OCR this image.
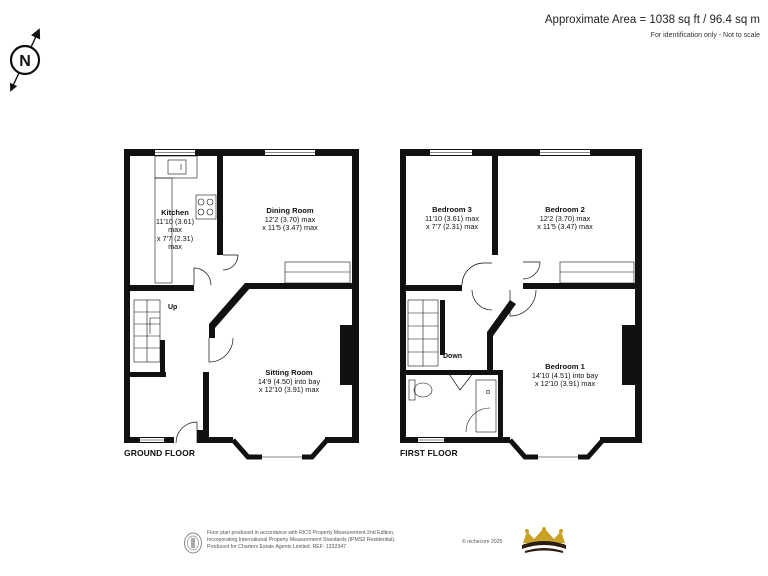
Approximate Area = 1038 sq ft / 96.4 sq m
For identification only - Not to scale
N
Kitchen
11'10 (3.61)
max
x 7'7 (2.31)
max
Dining Room
12'2 (3.70) max
x 11'5 (3.47) max
Sitting Room
14'9 (4.50) into bay
x 12'10 (3.91) max
Up
GROUND FLOOR
Bedroom 3
11'10 (3.61) max
x 7'7 (2.31) max
Bedroom 2
12'2 (3.70) max
x 11'5 (3.47) max
Bedroom 1
14'10 (4.51) into bay
x 12'10 (3.91) max
Down
FIRST FLOOR
Floor plan produced in accordance with RICS Property Measurement 2nd Edition,
Incorporating International Property Measurement Standards (IPMS2 Residential).
Produced for Charters Estate Agents Limited. REF: 1332347
© nichecom 2025
